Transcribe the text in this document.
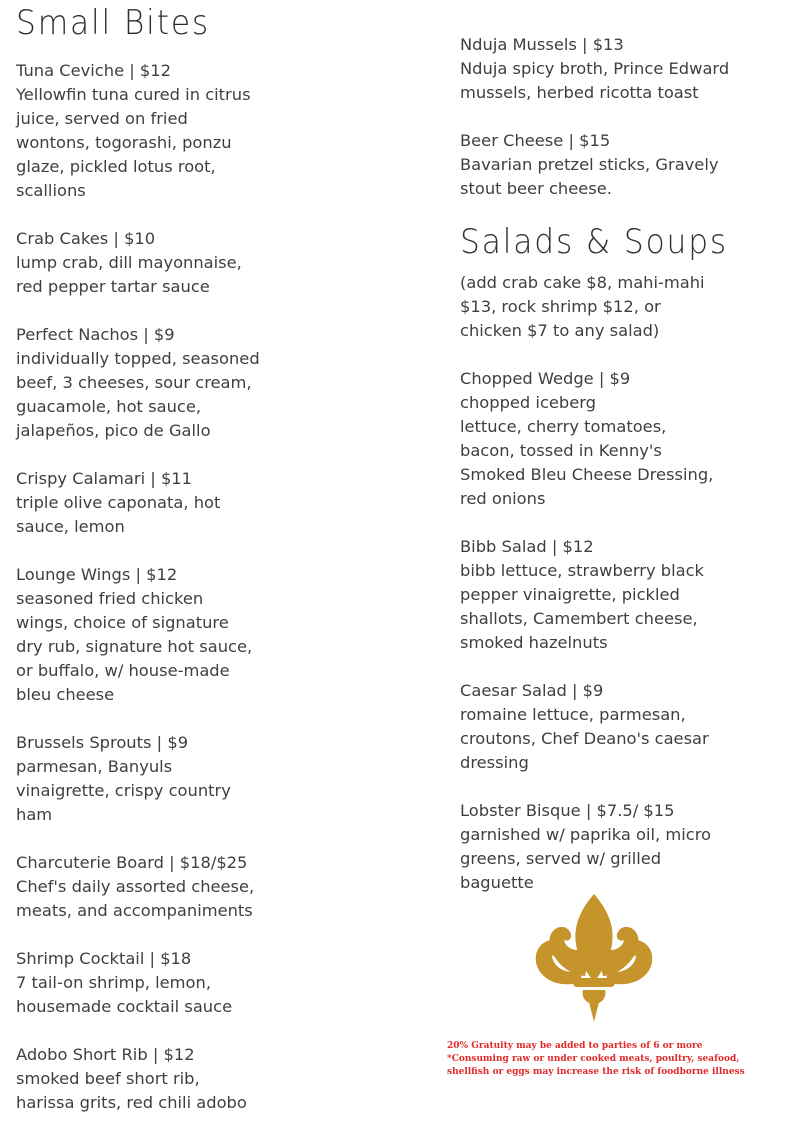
Small Bites
Tuna Ceviche | $12
Yellowfin tuna cured in citrus
juice, served on fried
wontons, togorashi, ponzu
glaze, pickled lotus root,
scallions
Crab Cakes | $10
lump crab, dill mayonnaise,
red pepper tartar sauce
Perfect Nachos | $9
individually topped, seasoned
beef, 3 cheeses, sour cream,
guacamole, hot sauce,
jalapeños, pico de Gallo
Crispy Calamari | $11
triple olive caponata, hot
sauce, lemon
Lounge Wings | $12
seasoned fried chicken
wings, choice of signature
dry rub, signature hot sauce,
or buffalo, w/ house-made
bleu cheese
Brussels Sprouts | $9
parmesan, Banyuls
vinaigrette, crispy country
ham
Charcuterie Board | $18/$25
Chef's daily assorted cheese,
meats, and accompaniments
Shrimp Cocktail | $18
7 tail-on shrimp, lemon,
housemade cocktail sauce
Adobo Short Rib | $12
smoked beef short rib,
harissa grits, red chili adobo
Nduja Mussels | $13
Nduja spicy broth, Prince Edward
mussels, herbed ricotta toast
Beer Cheese | $15
Bavarian pretzel sticks, Gravely
stout beer cheese.
Salads & Soups
(add crab cake $8, mahi-mahi
$13, rock shrimp $12, or
chicken $7 to any salad)
Chopped Wedge | $9
chopped iceberg
lettuce, cherry tomatoes,
bacon, tossed in Kenny's
Smoked Bleu Cheese Dressing,
red onions
Bibb Salad | $12
bibb lettuce, strawberry black
pepper vinaigrette, pickled
shallots, Camembert cheese,
smoked hazelnuts
Caesar Salad | $9
romaine lettuce, parmesan,
croutons, Chef Deano's caesar
dressing
Lobster Bisque | $7.5/ $15
garnished w/ paprika oil, micro
greens, served w/ grilled
baguette
20% Gratuity may be added to parties of 6 or more
*Consuming raw or under cooked meats, poultry, seafood,
shellfish or eggs may increase the risk of foodborne illness
